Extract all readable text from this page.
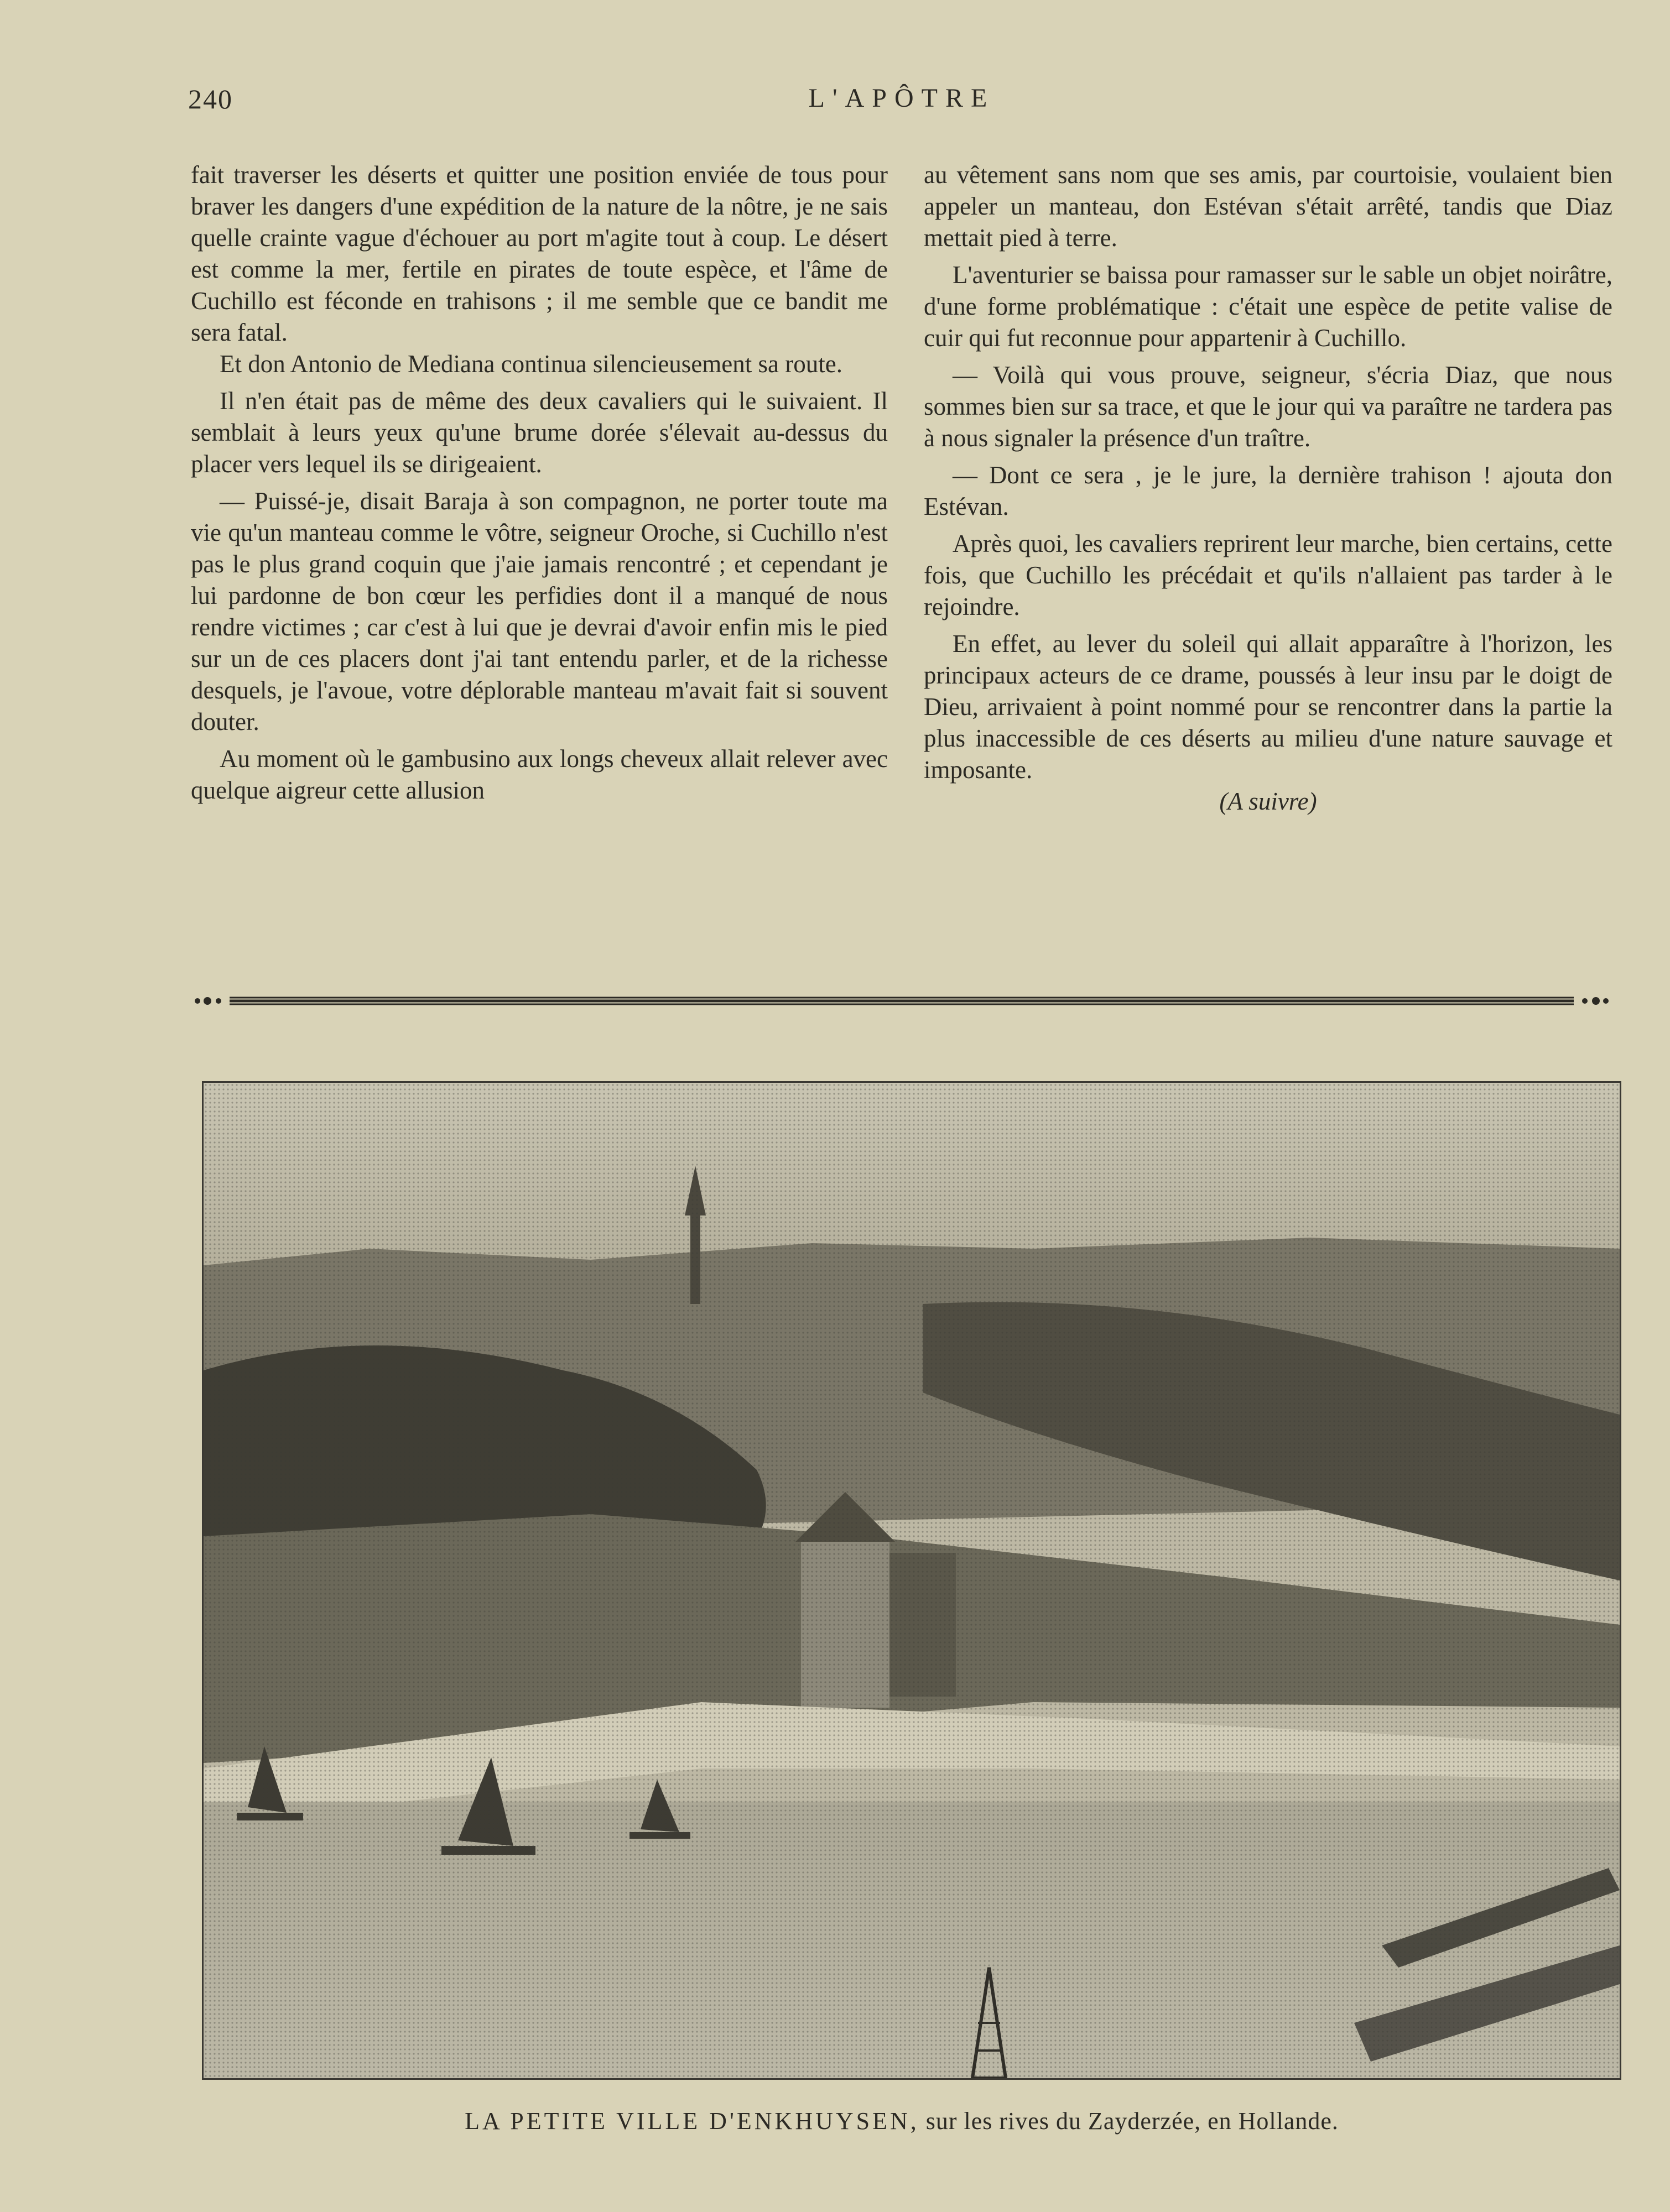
240	L'APÔTRE

fait traverser les déserts et quitter une position enviée de tous pour braver les dangers d'une expédition de la nature de la nôtre, je ne sais quelle crainte vague d'échouer au port m'agite tout à coup. Le désert est comme la mer, fertile en pirates de toute espèce, et l'âme de Cuchillo est féconde en trahisons ; il me semble que ce bandit me sera fatal.

Et don Antonio de Mediana continua silencieusement sa route.

Il n'en était pas de même des deux cavaliers qui le suivaient. Il semblait à leurs yeux qu'une brume dorée s'élevait au-dessus du placer vers lequel ils se dirigeaient.

— Puissé-je, disait Baraja à son compagnon, ne porter toute ma vie qu'un manteau comme le vôtre, seigneur Oroche, si Cuchillo n'est pas le plus grand coquin que j'aie jamais rencontré ; et cependant je lui pardonne de bon cœur les perfidies dont il a manqué de nous rendre victimes ; car c'est à lui que je devrai d'avoir enfin mis le pied sur un de ces placers dont j'ai tant entendu parler, et de la richesse desquels, je l'avoue, votre déplorable manteau m'avait fait si souvent douter.

Au moment où le gambusino aux longs cheveux allait relever avec quelque aigreur cette allusion

au vêtement sans nom que ses amis, par courtoisie, voulaient bien appeler un manteau, don Estévan s'était arrêté, tandis que Diaz mettait pied à terre.

L'aventurier se baissa pour ramasser sur le sable un objet noirâtre, d'une forme problématique : c'était une espèce de petite valise de cuir qui fut reconnue pour appartenir à Cuchillo.

— Voilà qui vous prouve, seigneur, s'écria Diaz, que nous sommes bien sur sa trace, et que le jour qui va paraître ne tardera pas à nous signaler la présence d'un traître.

— Dont ce sera , je le jure, la dernière trahison ! ajouta don Estévan.

Après quoi, les cavaliers reprirent leur marche, bien certains, cette fois, que Cuchillo les précédait et qu'ils n'allaient pas tarder à le rejoindre.

En effet, au lever du soleil qui allait apparaître à l'horizon, les principaux acteurs de ce drame, poussés à leur insu par le doigt de Dieu, arrivaient à point nommé pour se rencontrer dans la partie la plus inaccessible de ces déserts au milieu d'une nature sauvage et imposante.

(A suivre)

LA PETITE VILLE D'ENKHUYSEN, sur les rives du Zayderzée, en Hollande.
